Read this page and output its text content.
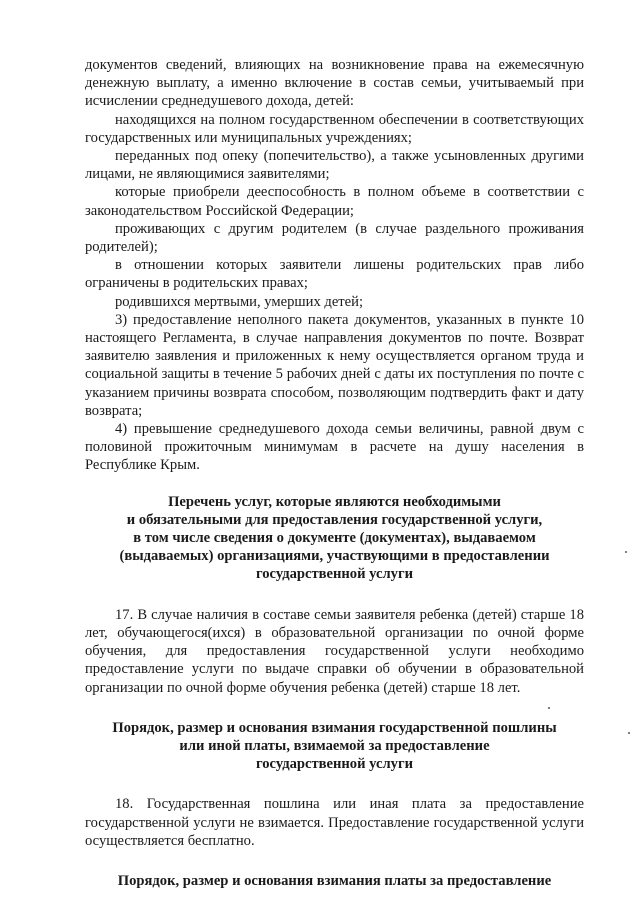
документов сведений, влияющих на возникновение права на ежемесячную денежную выплату, а именно включение в состав семьи, учитываемый при исчислении среднедушевого дохода, детей:

находящихся на полном государственном обеспечении в соответствующих государственных или муниципальных учреждениях;

переданных под опеку (попечительство), а также усыновленных другими лицами, не являющимися заявителями;

которые приобрели дееспособность в полном объеме в соответствии с законодательством Российской Федерации;

проживающих с другим родителем (в случае раздельного проживания родителей);

в отношении которых заявители лишены родительских прав либо ограничены в родительских правах;

родившихся мертвыми, умерших детей;

3) предоставление неполного пакета документов, указанных в пункте 10 настоящего Регламента, в случае направления документов по почте. Возврат заявителю заявления и приложенных к нему осуществляется органом труда и социальной защиты в течение 5 рабочих дней с даты их поступления по почте с указанием причины возврата способом, позволяющим подтвердить факт и дату возврата;

4) превышение среднедушевого дохода семьи величины, равной двум с половиной прожиточным минимумам в расчете на душу населения в Республике Крым.

Перечень услуг, которые являются необходимыми

и обязательными для предоставления государственной услуги,

в том числе сведения о документе (документах), выдаваемом

(выдаваемых) организациями, участвующими в предоставлении

государственной услуги

17. В случае наличия в составе семьи заявителя ребенка (детей) старше 18 лет, обучающегося(ихся) в образовательной организации по очной форме обучения, для предоставления государственной услуги необходимо предоставление услуги по выдаче справки об обучении в образовательной организации по очной форме обучения ребенка (детей) старше 18 лет.

Порядок, размер и основания взимания государственной пошлины

или иной платы, взимаемой за предоставление

государственной услуги

18. Государственная пошлина или иная плата за предоставление государственной услуги не взимается. Предоставление государственной услуги осуществляется бесплатно.

Порядок, размер и основания взимания платы за предоставление
